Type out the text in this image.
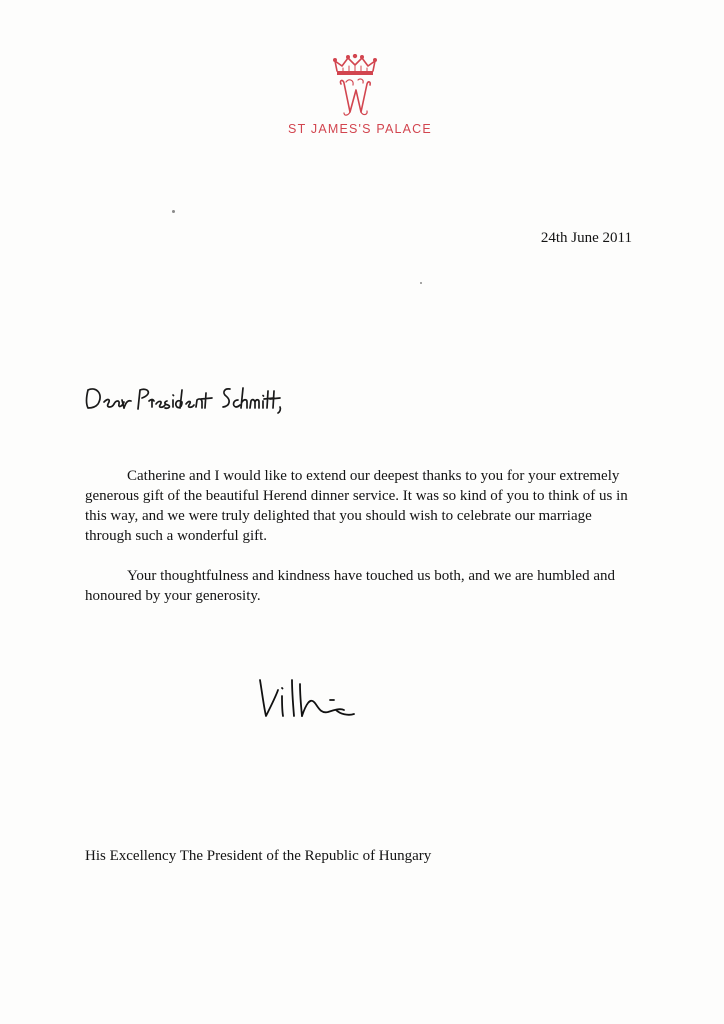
ST JAMES'S PALACE
24th June 2011

Catherine and I would like to extend our deepest thanks to you for your extremely generous gift of the beautiful Herend dinner service. It was so kind of you to think of us in this way, and we were truly delighted that you should wish to celebrate our marriage through such a wonderful gift.

Your thoughtfulness and kindness have touched us both, and we are humbled and honoured by your generosity.

His Excellency The President of the Republic of Hungary
